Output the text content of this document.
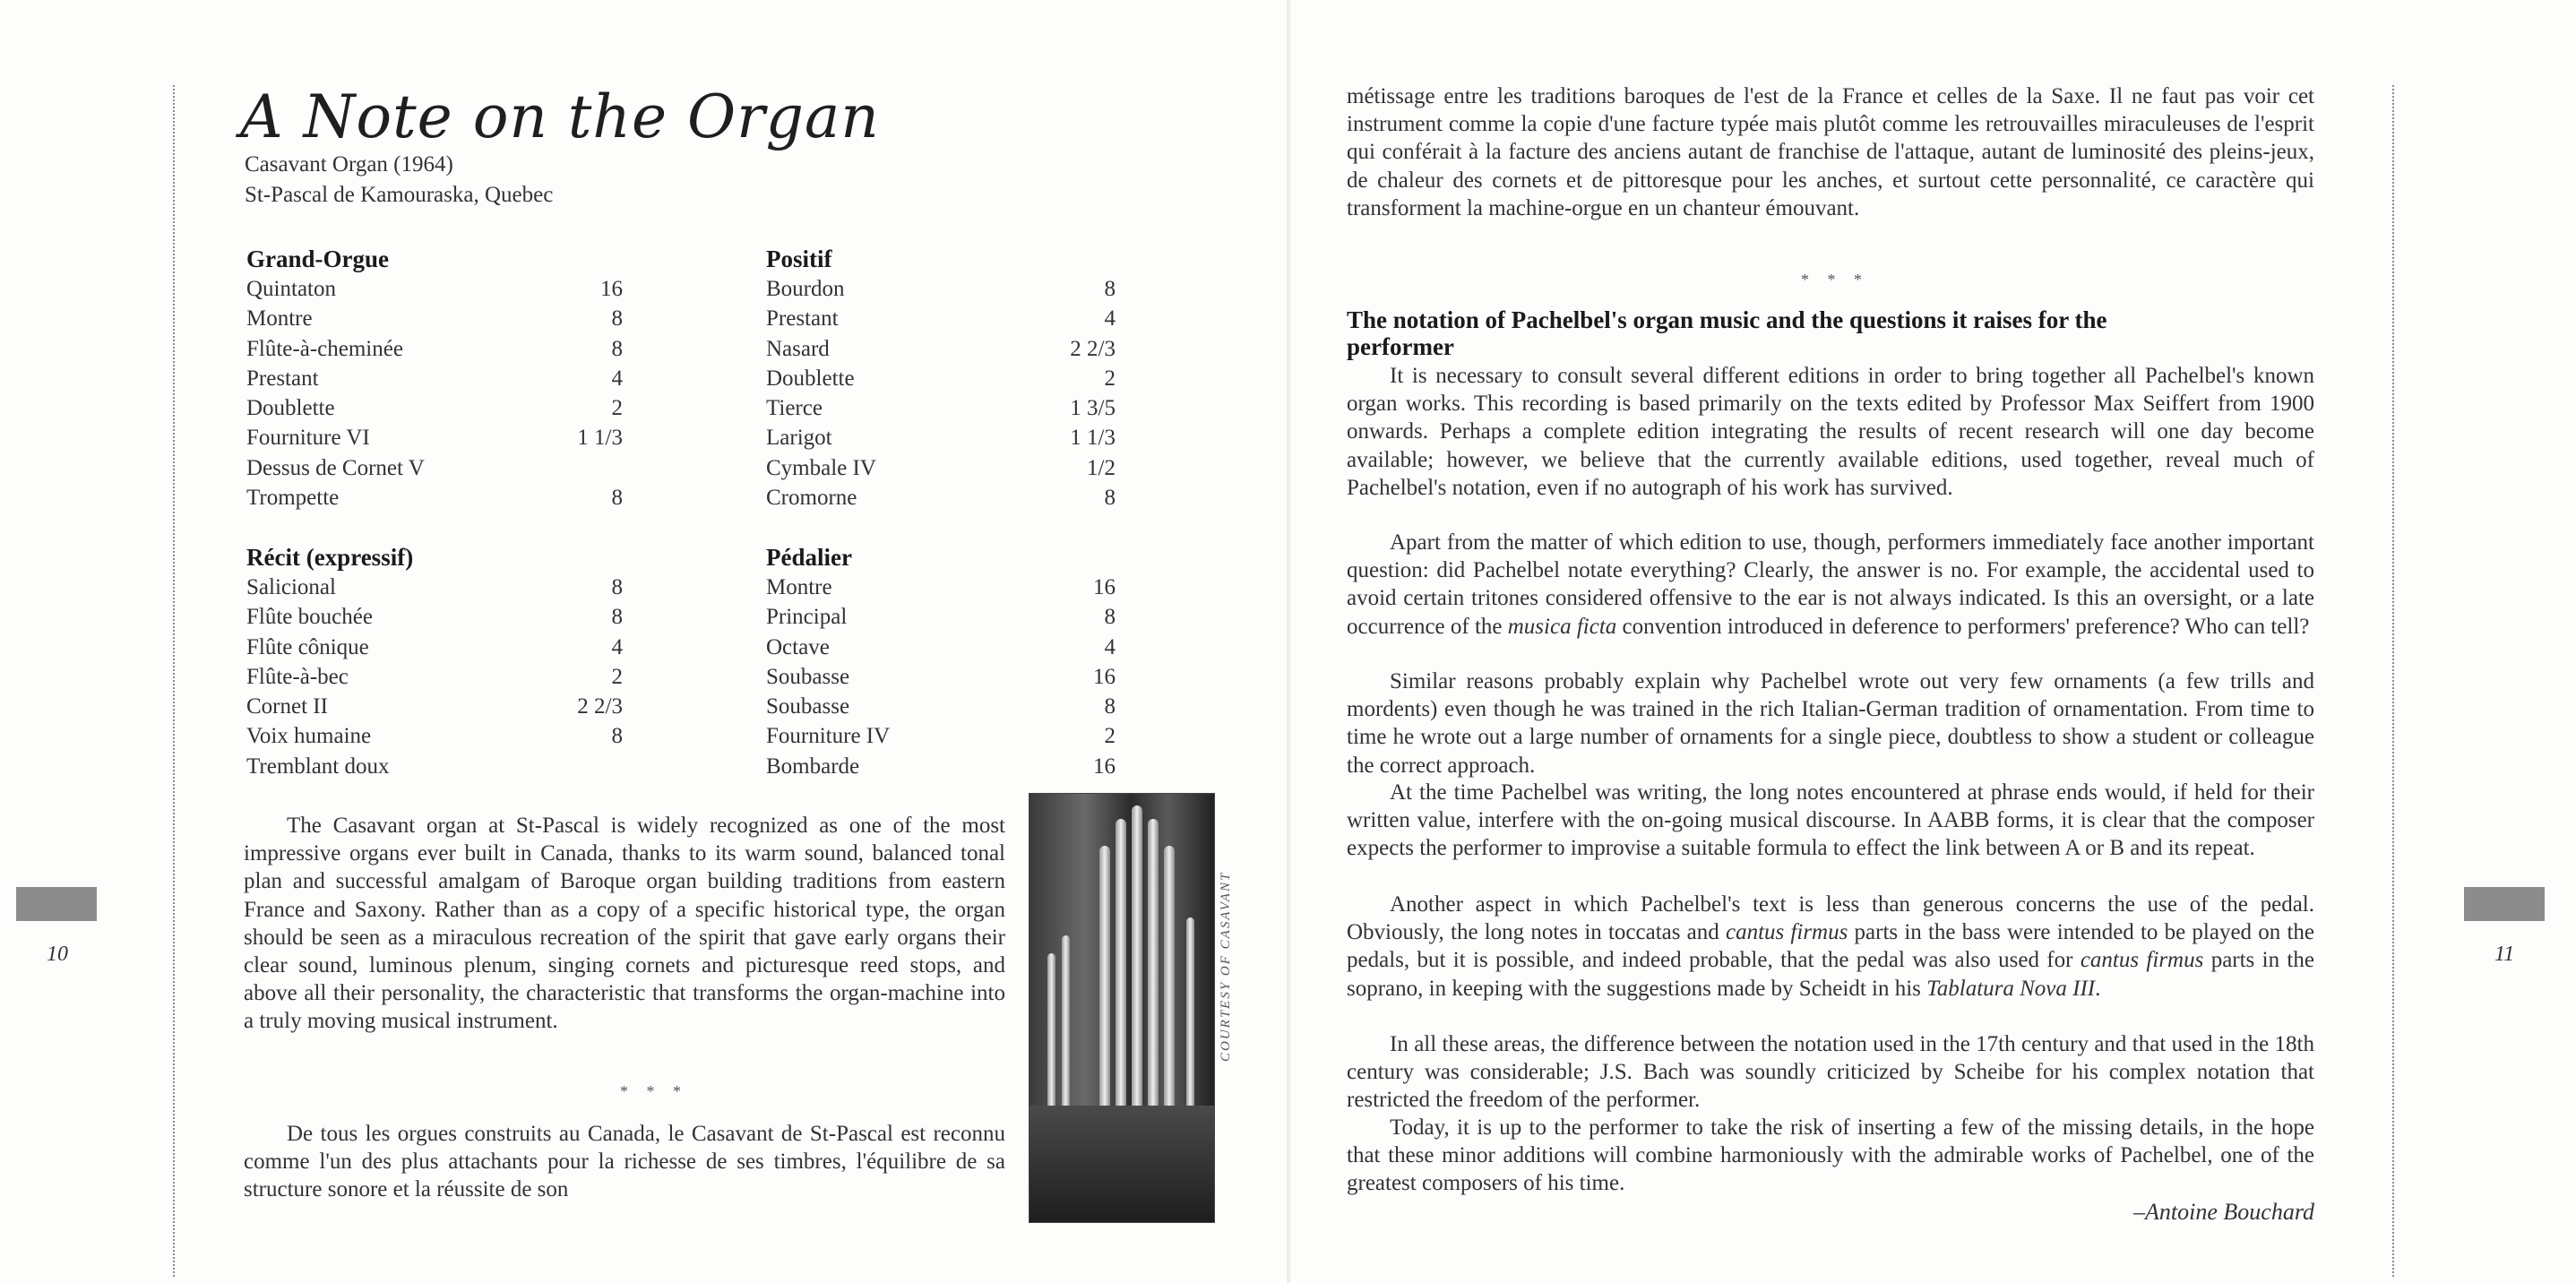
10	11
A Note on the Organ

Casavant Organ (1964)

St-Pascal de Kamouraska, Quebec

Grand-Orgue
Quintaton	16
Montre	8
Flûte-à-cheminée	8
Prestant	4
Doublette	2
Fourniture VI	1 1/3
Dessus de Cornet V
Trompette	8
Positif
Bourdon	8
Prestant	4
Nasard	2 2/3
Doublette	2
Tierce	1 3/5
Larigot	1 1/3
Cymbale IV	1/2
Cromorne	8
Récit (expressif)
Salicional	8
Flûte bouchée	8
Flûte cônique	4
Flûte-à-bec	2
Cornet II	2 2/3
Voix humaine	8
Tremblant doux
Pédalier
Montre	16
Principal	8
Octave	4
Soubasse	16
Soubasse	8
Fourniture IV	2
Bombarde	16

The Casavant organ at St-Pascal is widely recognized as one of the most impressive organs ever built in Canada, thanks to its warm sound, balanced tonal plan and successful amalgam of Baroque organ building traditions from eastern France and Saxony. Rather than as a copy of a specific historical type, the organ should be seen as a miraculous recreation of the spirit that gave early organs their clear sound, luminous plenum, singing cornets and picturesque reed stops, and above all their personality, the characteristic that transforms the organ-machine into a truly moving musical instrument.

* * *

De tous les orgues construits au Canada, le Casavant de St-Pascal est reconnu comme l'un des plus attachants pour la richesse de ses timbres, l'équilibre de sa structure sonore et la réussite de son

COURTESY OF CASAVANT

métissage entre les traditions baroques de l'est de la France et celles de la Saxe. Il ne faut pas voir cet instrument comme la copie d'une facture typée mais plutôt comme les retrouvailles miraculeuses de l'esprit qui conférait à la facture des anciens autant de franchise de l'attaque, autant de luminosité des pleins-jeux, de chaleur des cornets et de pittoresque pour les anches, et surtout cette personnalité, ce caractère qui transforment la machine-orgue en un chanteur émouvant.

* * *
The notation of Pachelbel's organ music and the questions it raises for the performer

It is necessary to consult several different editions in order to bring together all Pachelbel's known organ works. This recording is based primarily on the texts edited by Professor Max Seiffert from 1900 onwards. Perhaps a complete edition integrating the results of recent research will one day become available; however, we believe that the currently available editions, used together, reveal much of Pachelbel's notation, even if no autograph of his work has survived.

Apart from the matter of which edition to use, though, performers immediately face another important question: did Pachelbel notate everything? Clearly, the answer is no. For example, the accidental used to avoid certain tritones considered offensive to the ear is not always indicated. Is this an oversight, or a late occurrence of the musica ficta convention introduced in deference to performers' preference? Who can tell?

Similar reasons probably explain why Pachelbel wrote out very few ornaments (a few trills and mordents) even though he was trained in the rich Italian-German tradition of ornamentation. From time to time he wrote out a large number of ornaments for a single piece, doubtless to show a student or colleague the correct approach.

At the time Pachelbel was writing, the long notes encountered at phrase ends would, if held for their written value, interfere with the on-going musical discourse. In AABB forms, it is clear that the composer expects the performer to improvise a suitable formula to effect the link between A or B and its repeat.

Another aspect in which Pachelbel's text is less than generous concerns the use of the pedal. Obviously, the long notes in toccatas and cantus firmus parts in the bass were intended to be played on the pedals, but it is possible, and indeed probable, that the pedal was also used for cantus firmus parts in the soprano, in keeping with the suggestions made by Scheidt in his Tablatura Nova III.

In all these areas, the difference between the notation used in the 17th century and that used in the 18th century was considerable; J.S. Bach was soundly criticized by Scheibe for his complex notation that restricted the freedom of the performer.

Today, it is up to the performer to take the risk of inserting a few of the missing details, in the hope that these minor additions will combine harmoniously with the admirable works of Pachelbel, one of the greatest composers of his time.

–Antoine Bouchard
